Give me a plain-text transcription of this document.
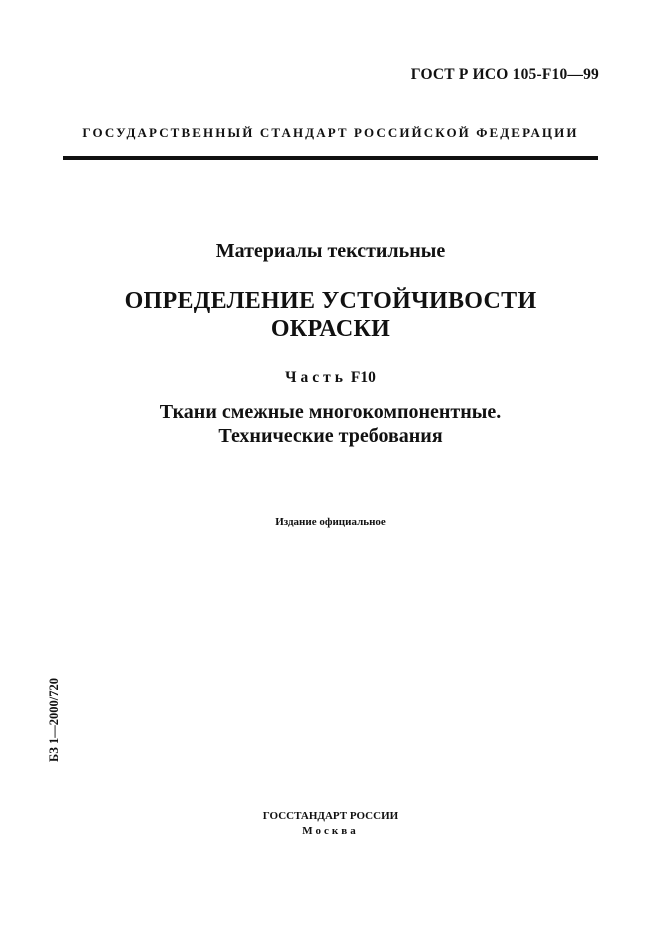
ГОСТ Р ИСО 105-F10—99
ГОСУДАРСТВЕННЫЙ СТАНДАРТ РОССИЙСКОЙ ФЕДЕРАЦИИ
Материалы текстильные
ОПРЕДЕЛЕНИЕ УСТОЙЧИВОСТИ
ОКРАСКИ
Часть F10
Ткани смежные многокомпонентные.
Технические требования
Издание официальное
БЗ 1—2000/720
ГОССТАНДАРТ РОССИИ
Москва
